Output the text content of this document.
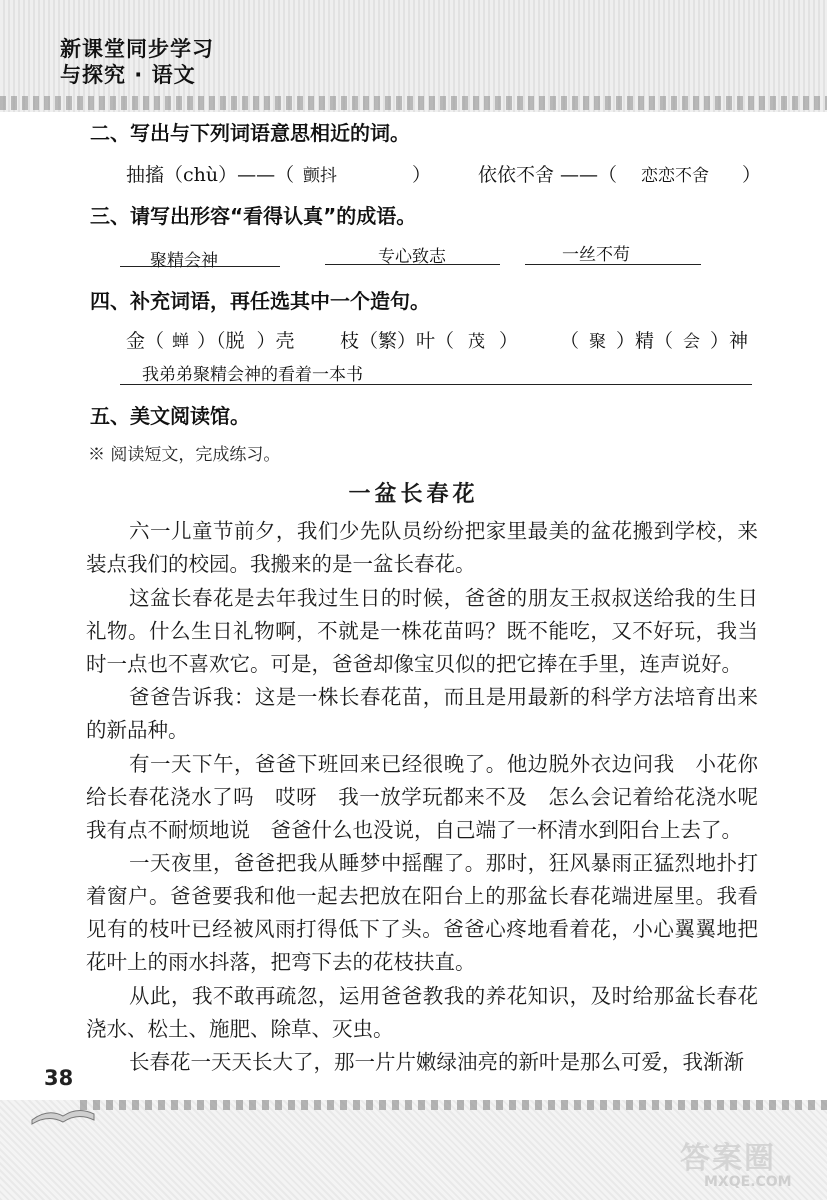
新课堂同步学习
与探究 · 语文
二、写出与下列词语意思相近的词。
抽搐（chù）——（ 颤抖	） 依依不舍 ——（ 恋恋不舍 ）
三、请写出形容“看得认真”的成语。
聚精会神	专心致志	一丝不苟
四、补充词语，再任选其中一个造句。
金（ 蝉 ）（脱 ）壳 枝（繁）叶（ 茂 ） （ 聚 ）精（ 会 ）神
我弟弟聚精会神的看着一本书
五、美文阅读馆。
※ 阅读短文，完成练习。
一盆长春花

六一儿童节前夕，我们少先队员纷纷把家里最美的盆花搬到学校，来装点我们的校园。我搬来的是一盆长春花。

这盆长春花是去年我过生日的时候，爸爸的朋友王叔叔送给我的生日礼物。什么生日礼物啊，不就是一株花苗吗？既不能吃，又不好玩，我当时一点也不喜欢它。可是，爸爸却像宝贝似的把它捧在手里，连声说好。

爸爸告诉我：这是一株长春花苗，而且是用最新的科学方法培育出来的新品种。

有一天下午，爸爸下班回来已经很晚了。他边脱外衣边问我　小花你给长春花浇水了吗　哎呀　我一放学玩都来不及　怎么会记着给花浇水呢　我有点不耐烦地说　爸爸什么也没说，自己端了一杯清水到阳台上去了。

一天夜里，爸爸把我从睡梦中摇醒了。那时，狂风暴雨正猛烈地扑打着窗户。爸爸要我和他一起去把放在阳台上的那盆长春花端进屋里。我看见有的枝叶已经被风雨打得低下了头。爸爸心疼地看着花，小心翼翼地把花叶上的雨水抖落，把弯下去的花枝扶直。

从此，我不敢再疏忽，运用爸爸教我的养花知识，及时给那盆长春花浇水、松土、施肥、除草、灭虫。

长春花一天天长大了，那一片片嫩绿油亮的新叶是那么可爱，我渐渐

38
答案圈
MXQE.COM
